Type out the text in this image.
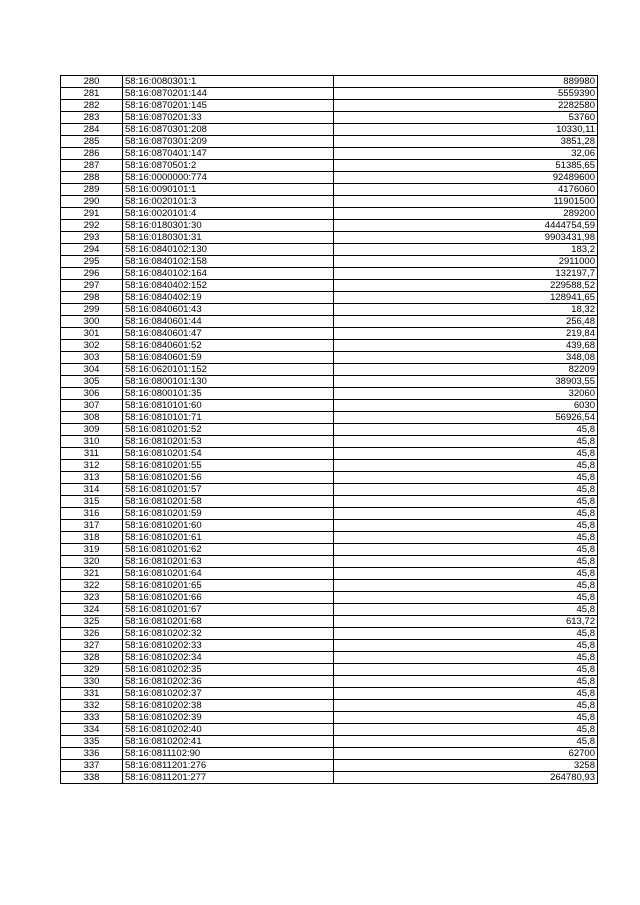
280	58:16:0080301:1	889980
281	58:16:0870201:144	5559390
282	58:16:0870201:145	2282580
283	58:16:0870201:33	53760
284	58:16:0870301:208	10330,11
285	58:16:0870301:209	3851,28
286	58:16:0870401:147	32,06
287	58:16:0870501:2	51385,65
288	58:16:0000000:774	92489600
289	58:16:0090101:1	4176060
290	58:16:0020101:3	11901500
291	58:16:0020101:4	289200
292	58:16:0180301:30	4444754,59
293	58:16:0180301:31	9903431,98
294	58:16:0840102:130	183,2
295	58:16:0840102:158	2911000
296	58:16:0840102:164	132197,7
297	58:16:0840402:152	229588,52
298	58:16:0840402:19	128941,65
299	58:16:0840601:43	18,32
300	58:16:0840601:44	256,48
301	58:16:0840601:47	219,84
302	58:16:0840601:52	439,68
303	58:16:0840601:59	348,08
304	58:16:0620101:152	82209
305	58:16:0800101:130	38903,55
306	58:16:0800101:35	32060
307	58:16:0810101:60	6030
308	58:16:0810101:71	56926,54
309	58:16:0810201:52	45,8
310	58:16:0810201:53	45,8
311	58:16:0810201:54	45,8
312	58:16:0810201:55	45,8
313	58:16:0810201:56	45,8
314	58:16:0810201:57	45,8
315	58:16:0810201:58	45,8
316	58:16:0810201:59	45,8
317	58:16:0810201:60	45,8
318	58:16:0810201:61	45,8
319	58:16:0810201:62	45,8
320	58:16:0810201:63	45,8
321	58:16:0810201:64	45,8
322	58:16:0810201:65	45,8
323	58:16:0810201:66	45,8
324	58:16:0810201:67	45,8
325	58:16:0810201:68	613,72
326	58:16:0810202:32	45,8
327	58:16:0810202:33	45,8
328	58:16:0810202:34	45,8
329	58:16:0810202:35	45,8
330	58:16:0810202:36	45,8
331	58:16:0810202:37	45,8
332	58:16:0810202:38	45,8
333	58:16:0810202:39	45,8
334	58:16:0810202:40	45,8
335	58:16:0810202:41	45,8
336	58:16:0811102:90	62700
337	58:16:0811201:276	3258
338	58:16:0811201:277	264780,93
